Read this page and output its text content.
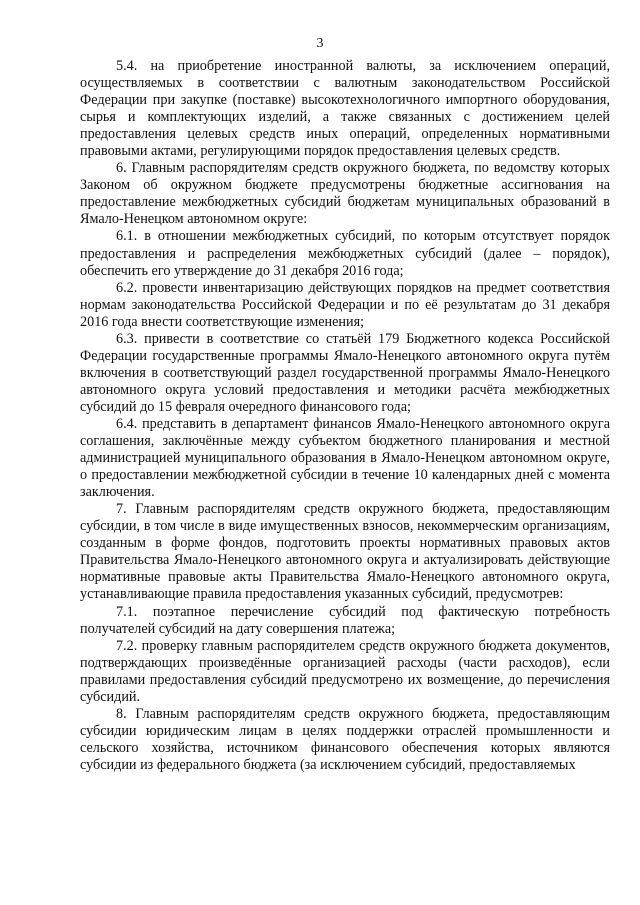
3

5.4. на приобретение иностранной валюты, за исключением операций, осуществляемых в соответствии с валютным законодательством Российской Федерации при закупке (поставке) высокотехнологичного импортного оборудования, сырья и комплектующих изделий, а также связанных с достижением целей предоставления целевых средств иных операций, определенных нормативными правовыми актами, регулирующими порядок предоставления целевых средств.

6. Главным распорядителям средств окружного бюджета, по ведомству которых Законом об окружном бюджете предусмотрены бюджетные ассигнования на предоставление межбюджетных субсидий бюджетам муниципальных образований в Ямало-Ненецком автономном округе:

6.1. в отношении межбюджетных субсидий, по которым отсутствует порядок предоставления и распределения межбюджетных субсидий (далее – порядок), обеспечить его утверждение до 31 декабря 2016 года;

6.2. провести инвентаризацию действующих порядков на предмет соответствия нормам законодательства Российской Федерации и по её результатам до 31 декабря 2016 года внести соответствующие изменения;

6.3. привести в соответствие со статьёй 179 Бюджетного кодекса Российской Федерации государственные программы Ямало-Ненецкого автономного округа путём включения в соответствующий раздел государственной программы Ямало-Ненецкого автономного округа условий предоставления и методики расчёта межбюджетных субсидий до 15 февраля очередного финансового года;

6.4. представить в департамент финансов Ямало-Ненецкого автономного округа соглашения, заключённые между субъектом бюджетного планирования и местной администрацией муниципального образования в Ямало-Ненецком автономном округе, о предоставлении межбюджетной субсидии в течение 10 календарных дней с момента заключения.

7. Главным распорядителям средств окружного бюджета, предоставляющим субсидии, в том числе в виде имущественных взносов, некоммерческим организациям, созданным в форме фондов, подготовить проекты нормативных правовых актов Правительства Ямало-Ненецкого автономного округа и актуализировать действующие нормативные правовые акты Правительства Ямало-Ненецкого автономного округа, устанавливающие правила предоставления указанных субсидий, предусмотрев:

7.1. поэтапное перечисление субсидий под фактическую потребность получателей субсидий на дату совершения платежа;

7.2. проверку главным распорядителем средств окружного бюджета документов, подтверждающих произведённые организацией расходы (части расходов), если правилами предоставления субсидий предусмотрено их возмещение, до перечисления субсидий.

8. Главным распорядителям средств окружного бюджета, предоставляющим субсидии юридическим лицам в целях поддержки отраслей промышленности и сельского хозяйства, источником финансового обеспечения которых являются субсидии из федерального бюджета (за исключением субсидий, предоставляемых
